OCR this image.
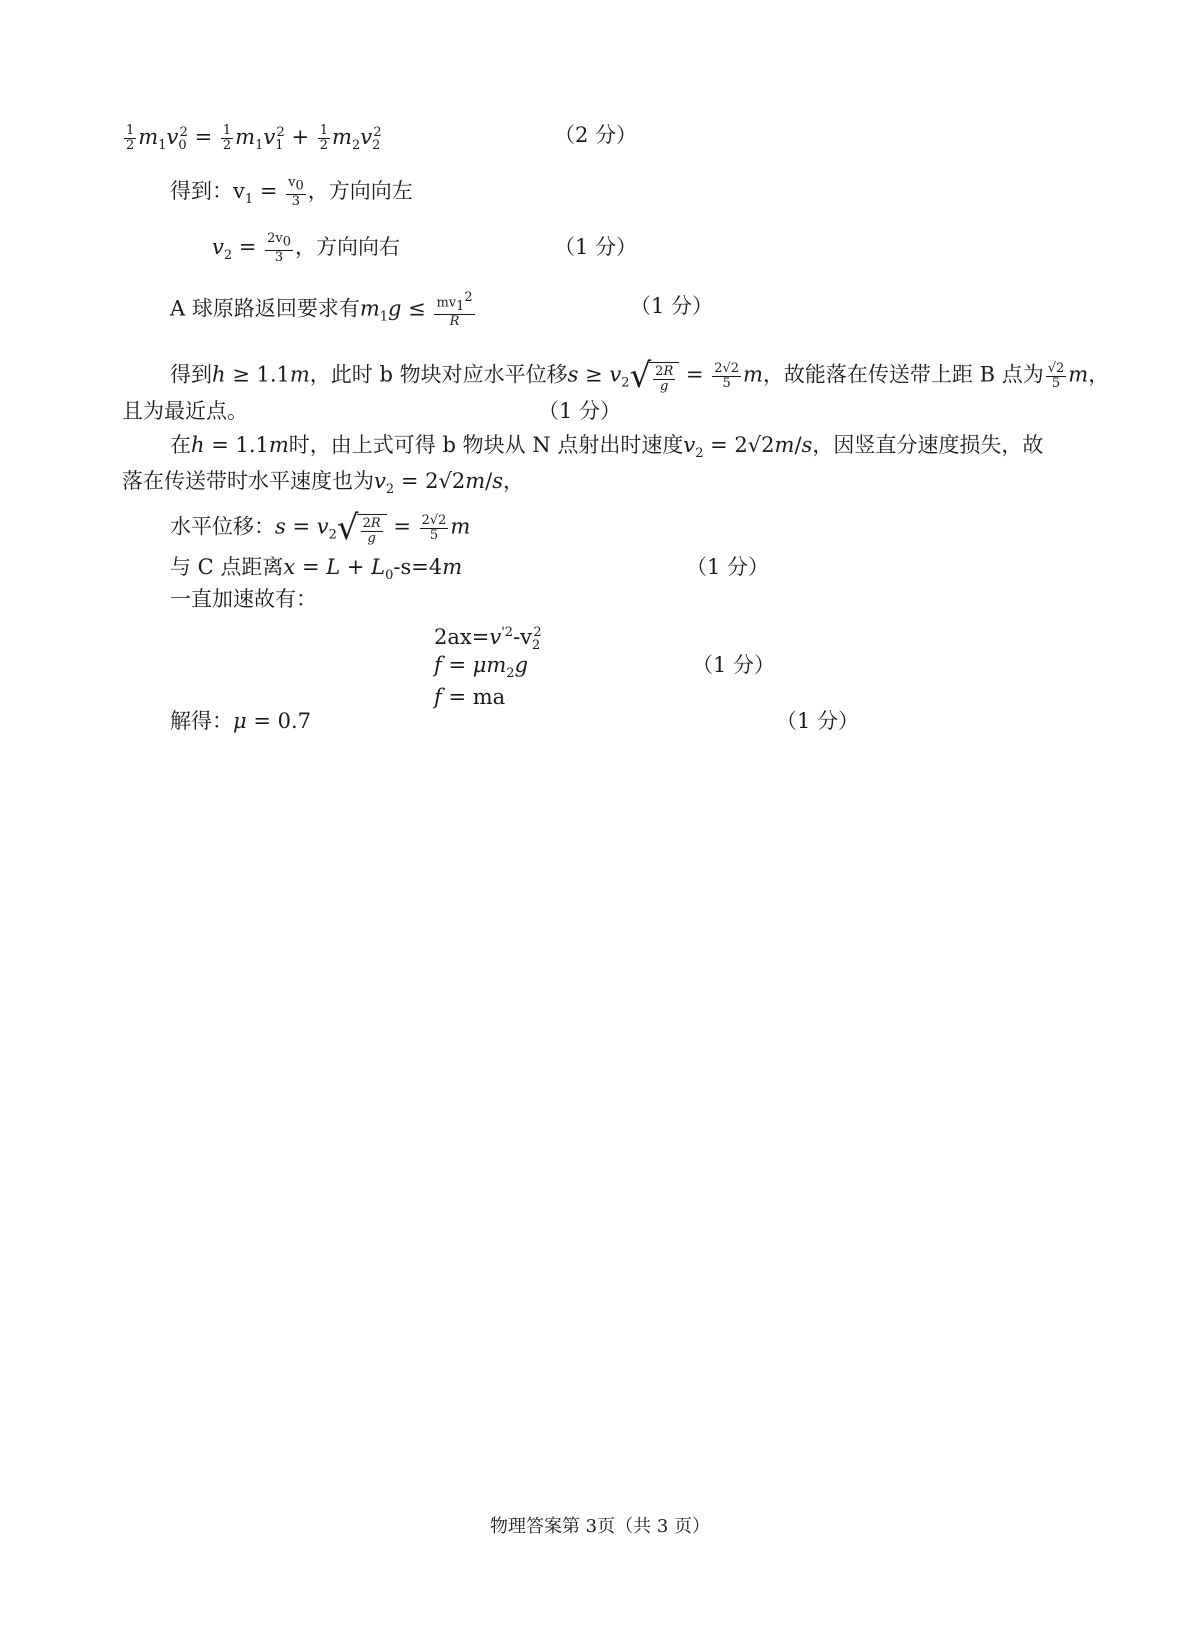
$\frac{1}{2} m_1v_0^2 = \frac{1}{2} m_1v_1^2 + \frac{1}{2} m_2v_2^2$	（2 分）
得到：$v_1 = \frac{v_0}{3}$ ，方向向左
$v_2 = \frac{2v_0}{3}$ ，方向向右	（1 分）
A 球原路返回要求有$m_1g \le \frac{mv_1^2}{R}$	（1 分）
得到h ≥ 1.1m，此时 b 物块对应水平位移$s \ge v_2$ √ $\frac{2R}{g} = \frac{2√2}{5}$ m，故能落在传送带上距 B 点为 $\frac{√2}{5}$ m，
且为最近点。	（1 分）
在h = 1.1m时，由上式可得 b 物块从 N 点射出时速度$v_2 = 2√2m/s$，因竖直分速度损失，故
落在传送带时水平速度也为$v_2 = 2√2m/s$，
水平位移：$s = v_2$ √ $\frac{2R}{g} = \frac{2√2}{5}$ m
与 C 点距离$x = L + L_0-s=4m$	（1 分）
一直加速故有：
$2ax=v^{'2}-v_2^2$
$f = \mu m_2g$	（1 分）
f = ma
解得：μ = 0.7	（1 分）
物理答案第 3页（共 3 页）
